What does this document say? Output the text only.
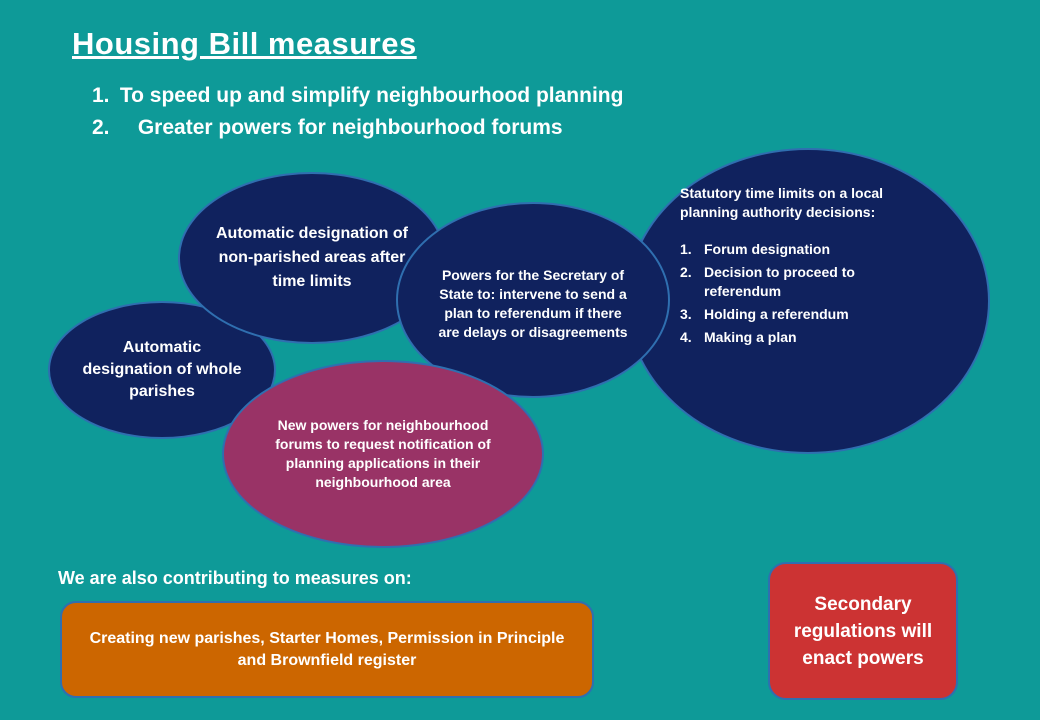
Housing Bill measures
1. To speed up and simplify neighbourhood planning
2. Greater powers for neighbourhood forums
Statutory time limits on a local planning authority decisions:
1. Forum designation
2. Decision to proceed to referendum
3. Holding a referendum
4. Making a plan
Automatic designation of whole parishes
Automatic designation of non-parished areas after time limits	Powers for the Secretary of State to: intervene to send a plan to referendum if there are delays or disagreements
New powers for neighbourhood forums to request notification of planning applications in their neighbourhood area
We are also contributing to measures on:
Creating new parishes, Starter Homes, Permission in Principle and Brownfield register
Secondary regulations will enact powers
